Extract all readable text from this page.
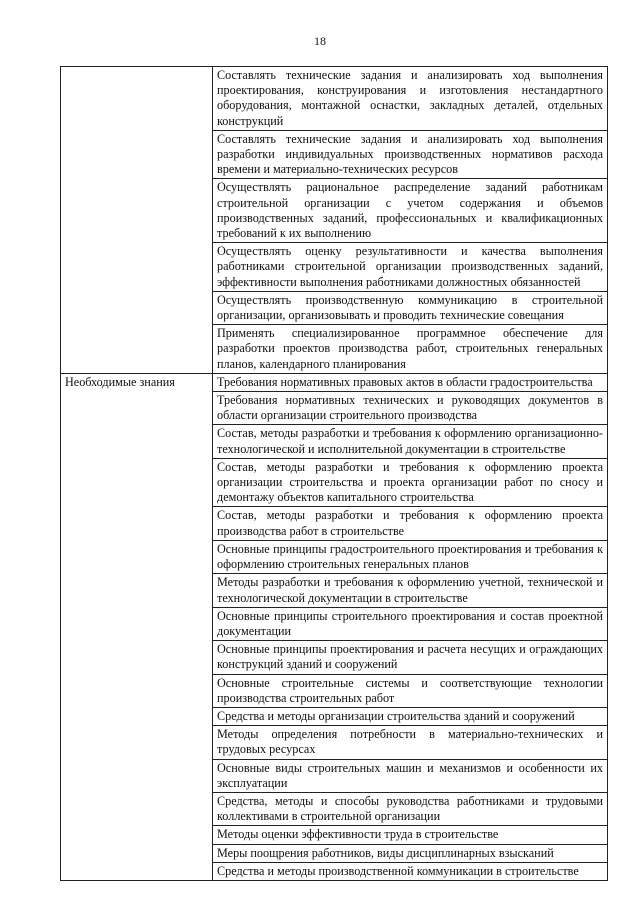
18
	Составлять технические задания и анализировать ход выполнения проектирования, конструирования и изготовления нестандартного оборудования, монтажной оснастки, закладных деталей, отдельных конструкций
	Составлять технические задания и анализировать ход выполнения разработки индивидуальных производственных нормативов расхода времени и материально-технических ресурсов
	Осуществлять рациональное распределение заданий работникам строительной организации с учетом содержания и объемов производственных заданий, профессиональных и квалификационных требований к их выполнению
	Осуществлять оценку результативности и качества выполнения работниками строительной организации производственных заданий, эффективности выполнения работниками должностных обязанностей
	Осуществлять производственную коммуникацию в строительной организации, организовывать и проводить технические совещания
	Применять специализированное программное обеспечение для разработки проектов производства работ, строительных генеральных планов, календарного планирования
Необходимые знания	Требования нормативных правовых актов в области градостроительства
	Требования нормативных технических и руководящих документов в области организации строительного производства
	Состав, методы разработки и требования к оформлению организационно-технологической и исполнительной документации в строительстве
	Состав, методы разработки и требования к оформлению проекта организации строительства и проекта организации работ по сносу и демонтажу объектов капитального строительства
	Состав, методы разработки и требования к оформлению проекта производства работ в строительстве
	Основные принципы градостроительного проектирования и требования к оформлению строительных генеральных планов
	Методы разработки и требования к оформлению учетной, технической и технологической документации в строительстве
	Основные принципы строительного проектирования и состав проектной документации
	Основные принципы проектирования и расчета несущих и ограждающих конструкций зданий и сооружений
	Основные строительные системы и соответствующие технологии производства строительных работ
	Средства и методы организации строительства зданий и сооружений
	Методы определения потребности в материально-технических и трудовых ресурсах
	Основные виды строительных машин и механизмов и особенности их эксплуатации
	Средства, методы и способы руководства работниками и трудовыми коллективами в строительной организации
	Методы оценки эффективности труда в строительстве
	Меры поощрения работников, виды дисциплинарных взысканий
	Средства и методы производственной коммуникации в строительстве
